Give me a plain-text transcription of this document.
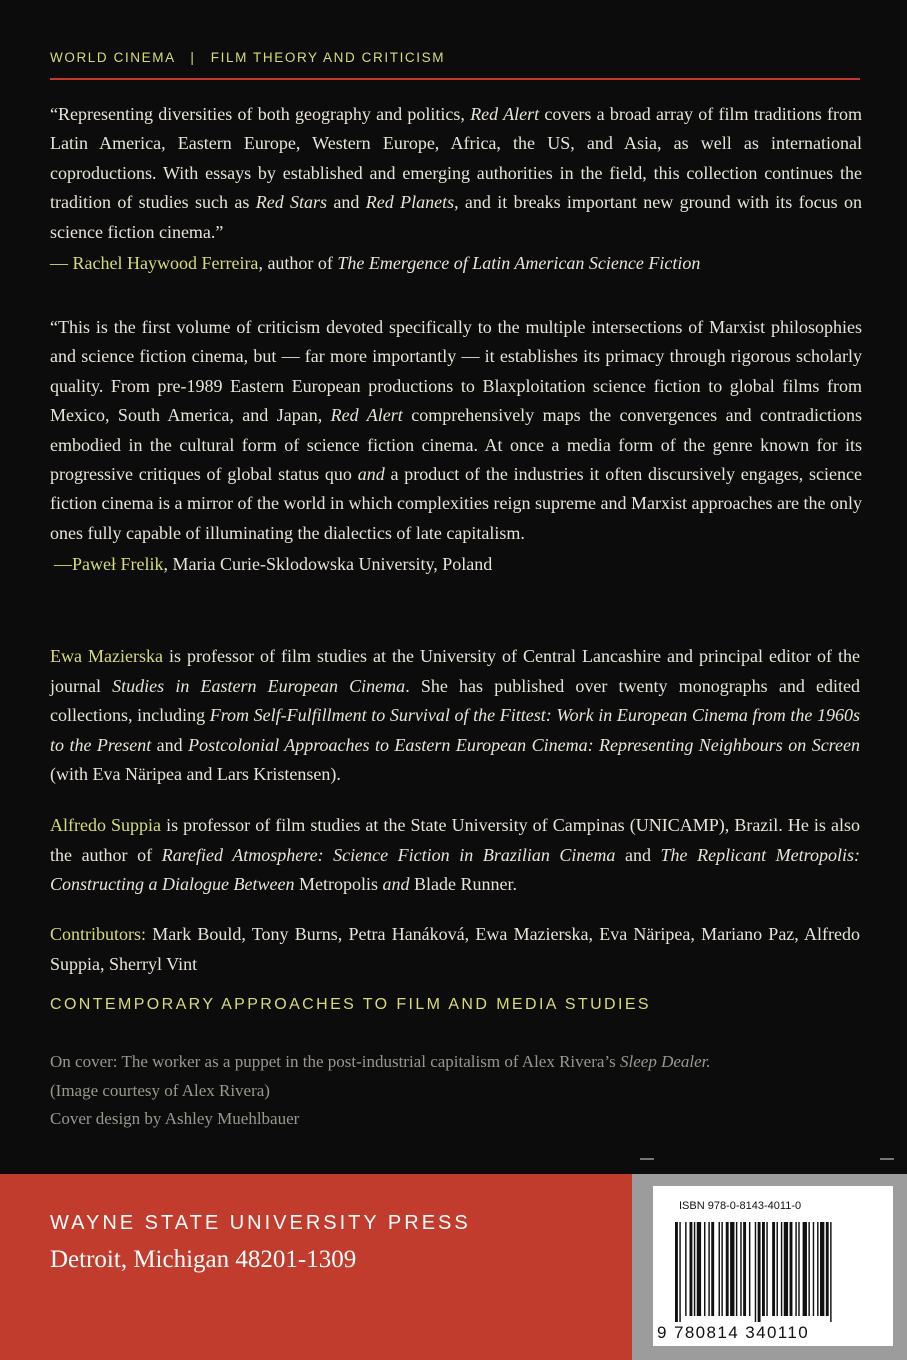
WORLD CINEMA | FILM THEORY AND CRITICISM

“Representing diversities of both geography and politics, Red Alert covers a broad array of film traditions from Latin America, Eastern Europe, Western Europe, Africa, the US, and Asia, as well as international coproductions. With essays by established and emerging authorities in the field, this collection continues the tradition of studies such as Red Stars and Red Planets, and it breaks important new ground with its focus on science fiction cinema.”

— Rachel Haywood Ferreira, author of The Emergence of Latin American Science Fiction

“This is the first volume of criticism devoted specifically to the multiple intersections of Marxist philosophies and science fiction cinema, but — far more importantly — it establishes its primacy through rigorous scholarly quality. From pre-1989 Eastern European productions to Blaxploitation science fiction to global films from Mexico, South America, and Japan, Red Alert comprehensively maps the convergences and contradictions embodied in the cultural form of science fiction cinema. At once a media form of the genre known for its progressive critiques of global status quo and a product of the industries it often discursively engages, science fiction cinema is a mirror of the world in which complexities reign supreme and Marxist approaches are the only ones fully capable of illuminating the dialectics of late capitalism.

—Paweł Frelik, Maria Curie-Sklodowska University, Poland

Ewa Mazierska is professor of film studies at the University of Central Lancashire and principal editor of the journal Studies in Eastern European Cinema. She has published over twenty monographs and edited collections, including From Self-Fulfillment to Survival of the Fittest: Work in European Cinema from the 1960s to the Present and Postcolonial Approaches to Eastern European Cinema: Representing Neighbours on Screen (with Eva Näripea and Lars Kristensen).

Alfredo Suppia is professor of film studies at the State University of Campinas (UNICAMP), Brazil. He is also the author of Rarefied Atmosphere: Science Fiction in Brazilian Cinema and The Replicant Metropolis: Constructing a Dialogue Between Metropolis and Blade Runner.

Contributors: Mark Bould, Tony Burns, Petra Hanáková, Ewa Mazierska, Eva Näripea, Mariano Paz, Alfredo Suppia, Sherryl Vint

CONTEMPORARY APPROACHES TO FILM AND MEDIA STUDIES
On cover: The worker as a puppet in the post-industrial capitalism of Alex Rivera’s Sleep Dealer.
(Image courtesy of Alex Rivera)
Cover design by Ashley Muehlbauer
WAYNE STATE UNIVERSITY PRESS
Detroit, Michigan 48201-1309
ISBN 978-0-8143-4011-0
9 780814 340110
